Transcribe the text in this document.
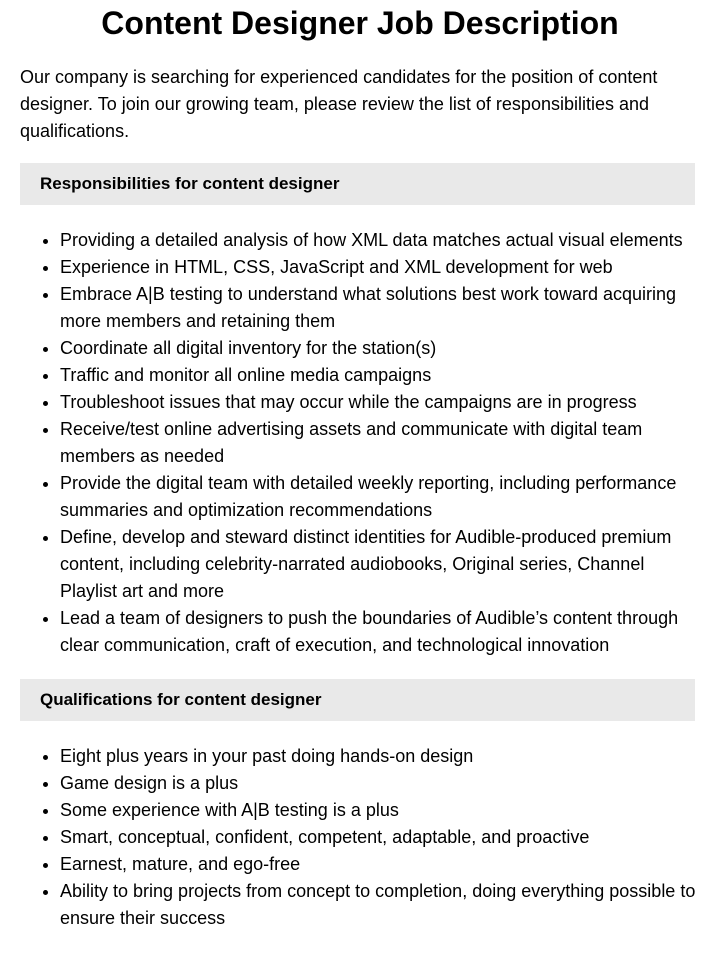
Content Designer Job Description

Our company is searching for experienced candidates for the position of content designer. To join our growing team, please review the list of responsibilities and qualifications.

Responsibilities for content designer
• Providing a detailed analysis of how XML data matches actual visual elements
• Experience in HTML, CSS, JavaScript and XML development for web
• Embrace A|B testing to understand what solutions best work toward acquiring more members and retaining them
• Coordinate all digital inventory for the station(s)
• Traffic and monitor all online media campaigns
• Troubleshoot issues that may occur while the campaigns are in progress
• Receive/test online advertising assets and communicate with digital team members as needed
• Provide the digital team with detailed weekly reporting, including performance summaries and optimization recommendations
• Define, develop and steward distinct identities for Audible-produced premium content, including celebrity-narrated audiobooks, Original series, Channel Playlist art and more
• Lead a team of designers to push the boundaries of Audible’s content through clear communication, craft of execution, and technological innovation
Qualifications for content designer
• Eight plus years in your past doing hands-on design
• Game design is a plus
• Some experience with A|B testing is a plus
• Smart, conceptual, confident, competent, adaptable, and proactive
• Earnest, mature, and ego-free
• Ability to bring projects from concept to completion, doing everything possible to ensure their success
